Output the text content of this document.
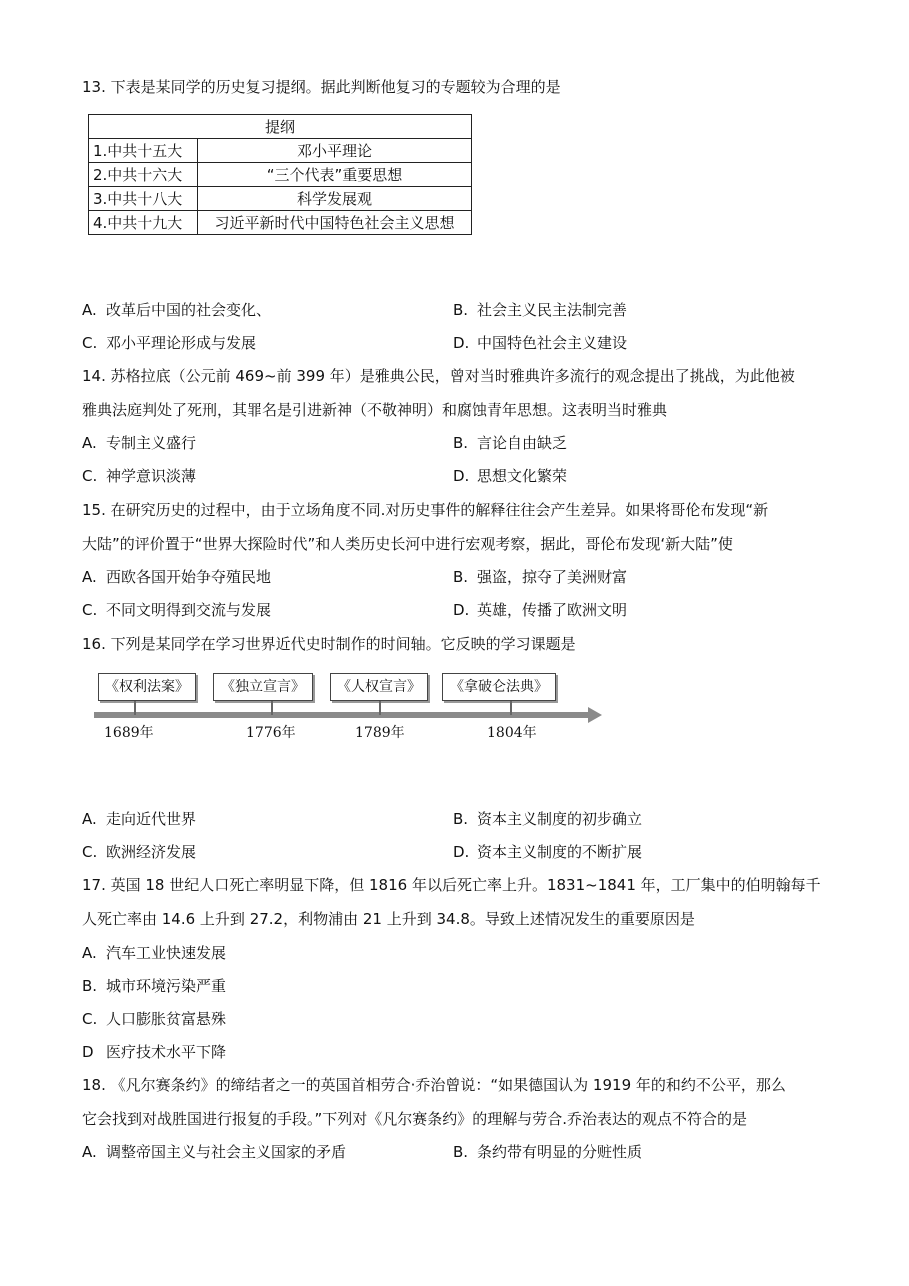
13. 下表是某同学的历史复习提纲。据此判断他复习的专题较为合理的是
提纲	
1.中共十五大	邓小平理论
2.中共十六大	“三个代表”重要思想
3.中共十八大	科学发展观
4.中共十九大	习近平新时代中国特色社会主义思想
A. 改革后中国的社会变化、	B. 社会主义民主法制完善
C. 邓小平理论形成与发展	D. 中国特色社会主义建设
14. 苏格拉底（公元前 469~前 399 年）是雅典公民，曾对当时雅典许多流行的观念提出了挑战，为此他被
雅典法庭判处了死刑，其罪名是引进新神（不敬神明）和腐蚀青年思想。这表明当时雅典
A. 专制主义盛行	B. 言论自由缺乏
C. 神学意识淡薄	D. 思想文化繁荣
15. 在研究历史的过程中，由于立场角度不同.对历史事件的解释往往会产生差异。如果将哥伦布发现“新
大陆”的评价置于“世界大探险时代”和人类历史长河中进行宏观考察，据此，哥伦布发现‘新大陆”使
A. 西欧各国开始争夺殖民地	B. 强盗，掠夺了美洲财富
C. 不同文明得到交流与发展	D. 英雄，传播了欧洲文明
16. 下列是某同学在学习世界近代史时制作的时间轴。它反映的学习课题是
《权利法案》
1689年
《独立宣言》
1776年
《人权宣言》
1789年
《拿破仑法典》
1804年
A. 走向近代世界	B. 资本主义制度的初步确立
C. 欧洲经济发展	D. 资本主义制度的不断扩展
17. 英国 18 世纪人口死亡率明显下降，但 1816 年以后死亡率上升。1831~1841 年，工厂集中的伯明翰每千
人死亡率由 14.6 上升到 27.2，利物浦由 21 上升到 34.8。导致上述情况发生的重要原因是
A. 汽车工业快速发展
B. 城市环境污染严重
C. 人口膨胀贫富悬殊
D 医疗技术水平下降
18. 《凡尔赛条约》的缔结者之一的英国首相劳合·乔治曾说：“如果德国认为 1919 年的和约不公平，那么
它会找到对战胜国进行报复的手段。”下列对《凡尔赛条约》的理解与劳合.乔治表达的观点不符合的是
A. 调整帝国主义与社会主义国家的矛盾	B. 条约带有明显的分赃性质
